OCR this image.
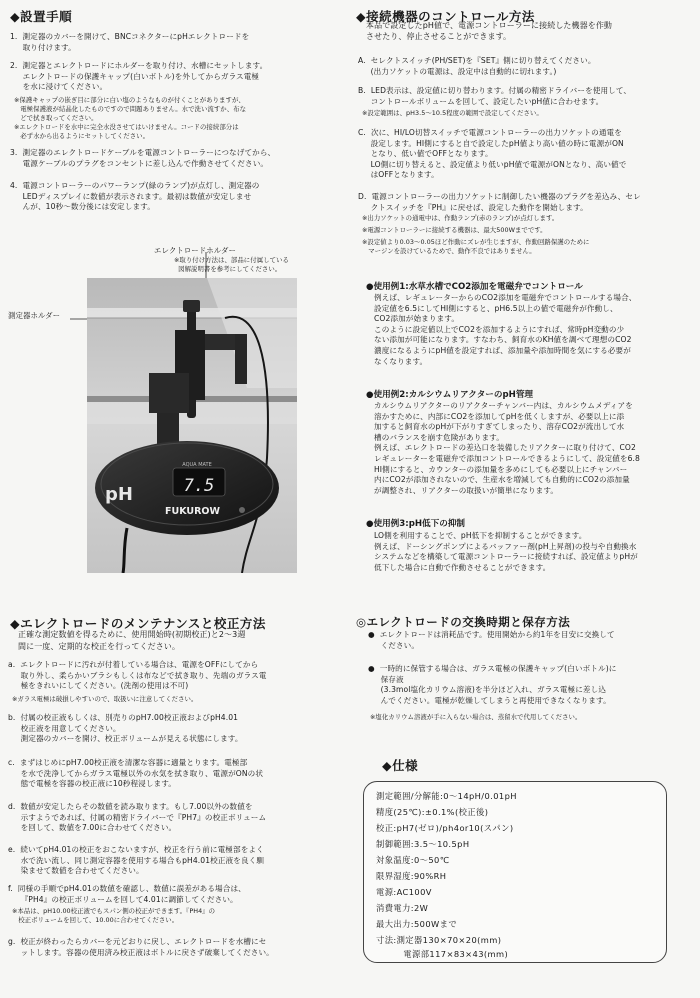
◆設置手順
1.  測定器のカバーを開けて、BNCコネクターにpHエレクトロードを
取り付けます。
2.  測定器とエレクトロードにホルダーを取り付け、水槽にセットします。
エレクトロードの保護キャップ(白いボトル)を外してからガラス電極
を水に浸けてください。
※保護キャップの嵌ぎ目に部分に白い塩のようなものが付くことがありますが、
電極保護液が結晶化したものですので問題ありません。水で洗い流すか、布な
どで拭き取ってください。
※エレクトロードを水中に完全水没させてはいけません。コードの接続部分は
必ず水から出るようにセットしてください。
3.  測定器のエレクトロードケーブルを電源コントローラーにつなげてから、
電源ケーブルのプラグをコンセントに差し込んで作動させてください。
4.  電源コントローラーのパワーランプ(緑のランプ)が点灯し、測定器の
LEDディスプレイに数値が表示されます。最初は数値が安定しませ
んが、10秒～数分後には安定します。
エレクトロードホルダー
※取り付け方法は、部品に付属している
図解説明書を参考にしてください。
測定器ホルダー
7.5
AQUA MATE
pH
FUKUROW
◆接続機器のコントロール方法
本品で設定したpH値で、電源コントローラーに接続した機器を作動
させたり、停止させることができます。
A.  セレクトスイッチ(PH/SET)を『SET』側に切り替えてください。
(出力ソケットの電源は、設定中は自動的に切れます。)
B.  LED表示は、設定値に切り替わります。付属の精密ドライバーを使用して、
コントロールボリュームを回して、設定したいpH値に合わせます。
※設定範囲は、pH3.5～10.5程度の範囲で設定してください。
C.  次に、HI/LO切替スイッチで電源コントローラーの出力ソケットの通電を
設定します。HI側にすると自で設定したpH値より高い値の時に電源がON
となり、低い値でOFFとなります。
LO側に切り替えると、設定値より低いpH値で電源がONとなり、高い値で
はOFFとなります。
D.  電源コントローラーの出力ソケットに制御したい機器のプラグを差込み、セレ
クトスイッチを『PH』に戻せば、設定した動作を開始します。
※出力ソケットの通電中は、作動ランプ(赤のランプ)が点灯します。
※電源コントローラーに接続する機器は、最大500Wまでです。
※設定値より0.03～0.05ほど作動にズレが生じますが、作動回路保護のために
マージンを設けているためで、動作不良ではありません。
●使用例1:水草水槽でCO2添加を電磁弁でコントロール
例えば、レギュレーターからのCO2添加を電磁弁でコントロールする場合、
設定値を6.5にしてHI側にすると、pH6.5以上の値で電磁弁が作動し、
CO2添加が始まります。
このように設定値以上でCO2を添加するようにすれば、常時pH変動の少
ない添加が可能になります。すなわち、飼育水のKH値を調べて理想のCO2
濃度になるようにpH値を設定すれば、添加量や添加時間を気にする必要が
なくなります。
●使用例2:カルシウムリアクターのpH管理
カルシウムリアクターのリアクターチャンバー内は、カルシウムメディアを
溶かすために、内部にCO2を添加してpHを低くしますが、必要以上に添
加すると飼育水のpHが下がりすぎてしまったり、溶存CO2が流出して水
槽のバランスを崩す危険があります。
例えば、エレクトロードの差込口を装備したリアクターに取り付けて、CO2
レギュレーターを電磁弁で添加コントロールできるようにして、設定値を6.8
HI側にすると、カウンターの添加量を多めにしても必要以上にチャンバー
内にCO2が添加されないので、生産水を増減しても自動的にCO2の添加量
が調整され、リアクターの取扱いが簡単になります。
●使用例3:pH低下の抑制
LO側を利用することで、pH低下を抑制することができます。
例えば、ドーシングポンプによるバッファー剤(pH上昇剤)の投与や自動換水
システムなどを構築して電源コントローラーに接続すれば、設定値よりpHが
低下した場合に自動で作動させることができます。
◆エレクトロードのメンテナンスと校正方法
正確な測定数値を得るために、使用開始時(初期校正)と2～3週
間に一度、定期的な校正を行ってください。
a.  エレクトロードに汚れが付着している場合は、電源をOFFにしてから
取り外し、柔らかいブラシもしくは布などで拭き取り、先端のガラス電
極をきれいにしてください。(洗剤の使用は不可)
※ガラス電極は破損しやすいので、取扱いに注意してください。
b.  付属の校正液もしくは、別売りのpH7.00校正液およびpH4.01
校正液を用意してください。
測定器のカバーを開け、校正ボリュームが見える状態にします。
c.  まずはじめにpH7.00校正液を清潔な容器に適量とります。電極部
を水で洗浄してからガラス電極以外の水気を拭き取り、電源がONの状
態で電極を容器の校正液に10秒程浸します。
d.  数値が安定したらその数値を読み取ります。もし7.00以外の数値を
示すようであれば、付属の精密ドライバーで『PH7』の校正ボリューム
を回して、数値を7.00に合わせてください。
e.  続いてpH4.01の校正をおこないますが、校正を行う前に電極部をよく
水で洗い流し、同じ測定容器を使用する場合もpH4.01校正液を良く馴
染ませて数値を合わせてください。
f.  同様の手順でpH4.01の数値を確認し、数値に誤差がある場合は、
『PH4』の校正ボリュームを回して4.01に調節してください。
※本品は、pH10.00校正液でもスパン側の校正ができます。『PH4』の
校正ボリュームを回して、10.00に合わせてください。
g.  校正が終わったらカバーを元どおりに戻し、エレクトロードを水槽にセ
ットします。容器の使用済み校正液はボトルに戻さず破棄してください。
◎エレクトロードの交換時期と保存方法
●  エレクトロードは消耗品です。使用開始から約1年を目安に交換して
ください。
●  一時的に保管する場合は、ガラス電極の保護キャップ(白いボトル)に
保存液
(3.3mol塩化カリウム溶液)を半分ほど入れ、ガラス電極に差し込
んでください。電極が乾燥してしまうと再使用できなくなります。
※塩化カリウム溶液が手に入らない場合は、蒸留水で代用してください。
◆仕様
測定範囲/分解能:0～14pH/0.01pH
精度(25℃):±0.1%(校正後)
校正:pH7(ゼロ)/ph4or10(スパン)
制御範囲:3.5～10.5pH
対象温度:0～50℃
限界湿度:90%RH
電源:AC100V
消費電力:2W
最大出力:500Wまで
寸法:測定器130×70×20(mm)
電源部117×83×43(mm)
